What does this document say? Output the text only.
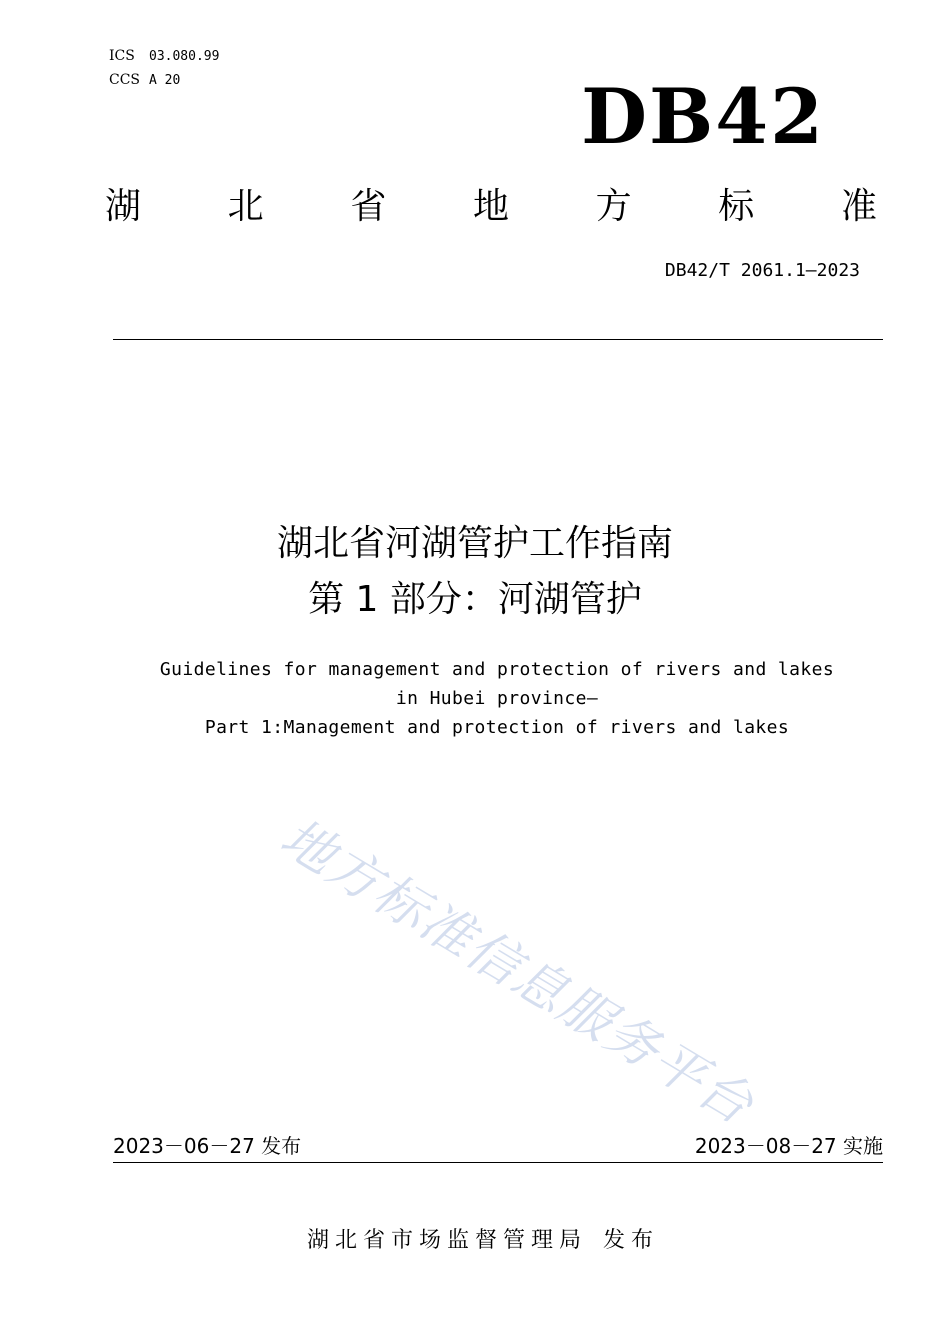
ICS 03.080.99
CCS A 20	DB42
湖 北 省 地 方 标 准
DB42/T 2061.1—2023
湖北省河湖管护工作指南
第 1 部分：河湖管护
Guidelines for management and protection of rivers and lakes
in Hubei province—
Part 1:Management and protection of rivers and lakes
地方标准信息服务平台
2023－06－27 发布	2023－08－27 实施
湖北省市场监督管理局 发布
